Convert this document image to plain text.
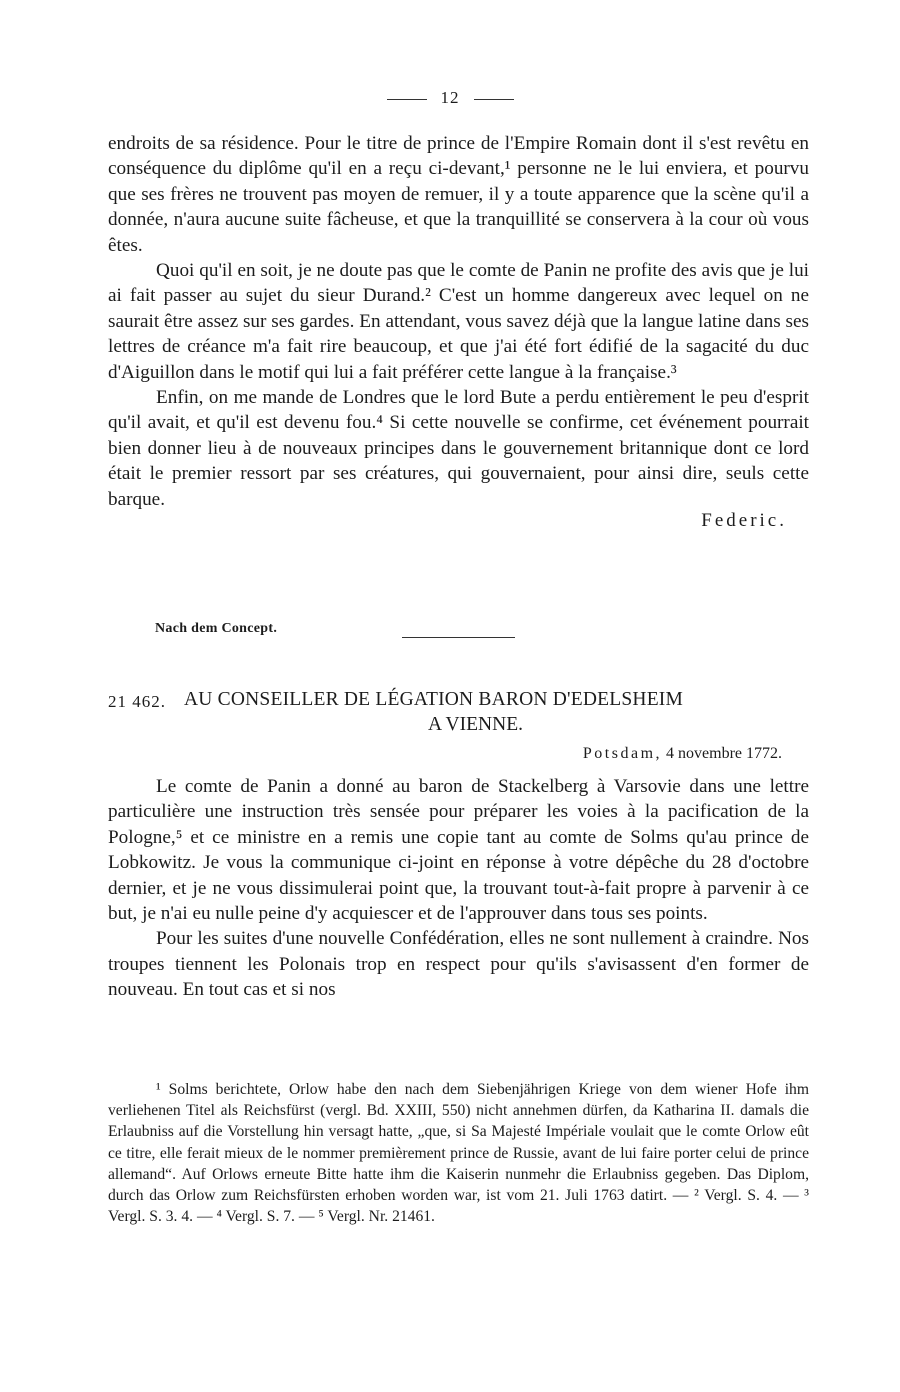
12

endroits de sa résidence. Pour le titre de prince de l'Empire Romain dont il s'est revêtu en conséquence du diplôme qu'il en a reçu ci-devant,¹ personne ne le lui enviera, et pourvu que ses frères ne trouvent pas moyen de remuer, il y a toute apparence que la scène qu'il a donnée, n'aura aucune suite fâcheuse, et que la tranquillité se conservera à la cour où vous êtes.

Quoi qu'il en soit, je ne doute pas que le comte de Panin ne profite des avis que je lui ai fait passer au sujet du sieur Durand.² C'est un homme dangereux avec lequel on ne saurait être assez sur ses gardes. En attendant, vous savez déjà que la langue latine dans ses lettres de créance m'a fait rire beaucoup, et que j'ai été fort édifié de la sagacité du duc d'Aiguillon dans le motif qui lui a fait préférer cette langue à la française.³

Enfin, on me mande de Londres que le lord Bute a perdu entièrement le peu d'esprit qu'il avait, et qu'il est devenu fou.⁴ Si cette nouvelle se confirme, cet événement pourrait bien donner lieu à de nouveaux principes dans le gouvernement britannique dont ce lord était le premier ressort par ses créatures, qui gouvernaient, pour ainsi dire, seuls cette barque.

Federic.
Nach dem Concept.
21 462. AU CONSEILLER DE LÉGATION BARON D'EDELSHEIM
A VIENNE.
Potsdam, 4 novembre 1772.

Le comte de Panin a donné au baron de Stackelberg à Varsovie dans une lettre particulière une instruction très sensée pour préparer les voies à la pacification de la Pologne,⁵ et ce ministre en a remis une copie tant au comte de Solms qu'au prince de Lobkowitz. Je vous la communique ci-joint en réponse à votre dépêche du 28 d'octobre dernier, et je ne vous dissimulerai point que, la trouvant tout-à-fait propre à parvenir à ce but, je n'ai eu nulle peine d'y acquiescer et de l'approuver dans tous ses points.

Pour les suites d'une nouvelle Confédération, elles ne sont nullement à craindre. Nos troupes tiennent les Polonais trop en respect pour qu'ils s'avisassent d'en former de nouveau. En tout cas et si nos

¹ Solms berichtete, Orlow habe den nach dem Siebenjährigen Kriege von dem wiener Hofe ihm verliehenen Titel als Reichsfürst (vergl. Bd. XXIII, 550) nicht annehmen dürfen, da Katharina II. damals die Erlaubniss auf die Vorstellung hin versagt hatte, „que, si Sa Majesté Impériale voulait que le comte Orlow eût ce titre, elle ferait mieux de le nommer premièrement prince de Russie, avant de lui faire porter celui de prince allemand“. Auf Orlows erneute Bitte hatte ihm die Kaiserin nunmehr die Erlaubniss gegeben. Das Diplom, durch das Orlow zum Reichsfürsten erhoben worden war, ist vom 21. Juli 1763 datirt. — ² Vergl. S. 4. — ³ Vergl. S. 3. 4. — ⁴ Vergl. S. 7. — ⁵ Vergl. Nr. 21461.
